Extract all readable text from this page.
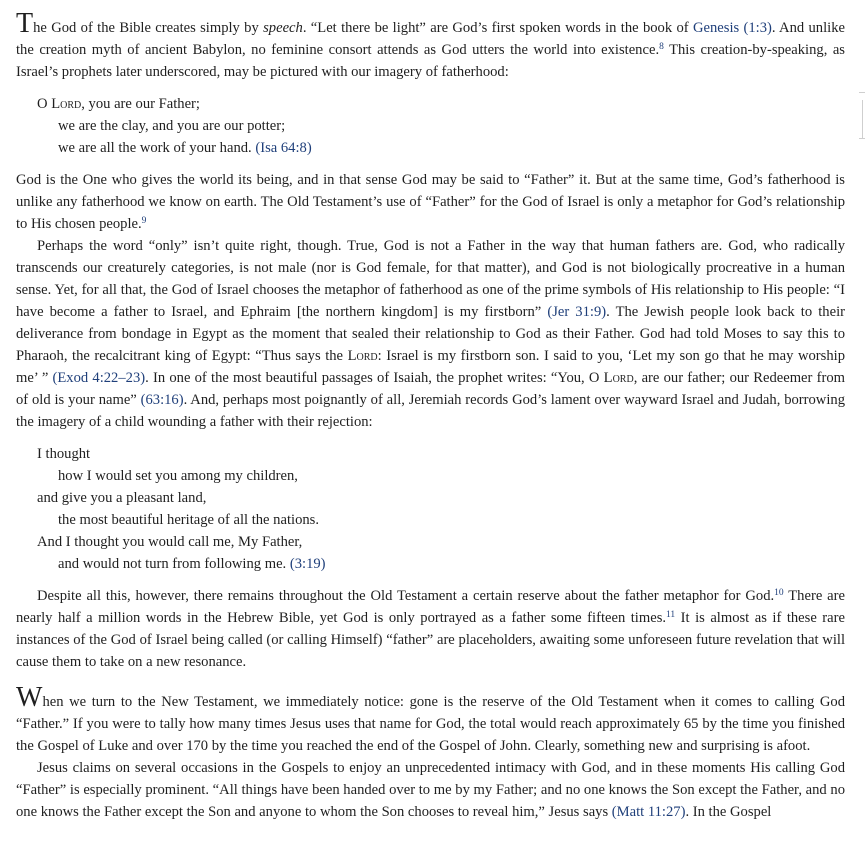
The God of the Bible creates simply by speech. “Let there be light” are God’s first spoken words in the book of Genesis (1:3). And unlike the creation myth of ancient Babylon, no feminine consort attends as God utters the world into existence.$^8$ This creation-by-speaking, as Israel’s prophets later underscored, may be pictured with our imagery of fatherhood:

O Lord, you are our Father;
we are the clay, and you are our potter;
we are all the work of your hand. (Isa 64:8)

God is the One who gives the world its being, and in that sense God may be said to “Father” it. But at the same time, God’s fatherhood is unlike any fatherhood we know on earth. The Old Testament’s use of “Father” for the God of Israel is only a metaphor for God’s relationship to His chosen people.$^9$

Perhaps the word “only” isn’t quite right, though. True, God is not a Father in the way that human fathers are. God, who radically transcends our creaturely categories, is not male (nor is God female, for that matter), and God is not biologically procreative in a human sense. Yet, for all that, the God of Israel chooses the metaphor of fatherhood as one of the prime symbols of His relationship to His people: “I have become a father to Israel, and Ephraim [the northern kingdom] is my firstborn” (Jer 31:9). The Jewish people look back to their deliverance from bondage in Egypt as the moment that sealed their relationship to God as their Father. God had told Moses to say this to Pharaoh, the recalcitrant king of Egypt: “Thus says the Lord: Israel is my firstborn son. I said to you, ‘Let my son go that he may worship me’ ” (Exod 4:22–23). In one of the most beautiful passages of Isaiah, the prophet writes: “You, O Lord, are our father; our Redeemer from of old is your name” (63:16). And, perhaps most poignantly of all, Jeremiah records God’s lament over wayward Israel and Judah, borrowing the imagery of a child wounding a father with their rejection:

I thought
how I would set you among my children,
and give you a pleasant land,
the most beautiful heritage of all the nations.
And I thought you would call me, My Father,
and would not turn from following me. (3:19)

Despite all this, however, there remains throughout the Old Testament a certain reserve about the father metaphor for God.$^{10}$ There are nearly half a million words in the Hebrew Bible, yet God is only portrayed as a father some fifteen times.$^{11}$ It is almost as if these rare instances of the God of Israel being called (or calling Himself) “father” are placeholders, awaiting some unforeseen future revelation that will cause them to take on a new resonance.

When we turn to the New Testament, we immediately notice: gone is the reserve of the Old Testament when it comes to calling God “Father.” If you were to tally how many times Jesus uses that name for God, the total would reach approximately 65 by the time you finished the Gospel of Luke and over 170 by the time you reached the end of the Gospel of John. Clearly, something new and surprising is afoot.

Jesus claims on several occasions in the Gospels to enjoy an unprecedented intimacy with God, and in these moments His calling God “Father” is especially prominent. “All things have been handed over to me by my Father; and no one knows the Son except the Father, and no one knows the Father except the Son and anyone to whom the Son chooses to reveal him,” Jesus says (Matt 11:27). In the Gospel
